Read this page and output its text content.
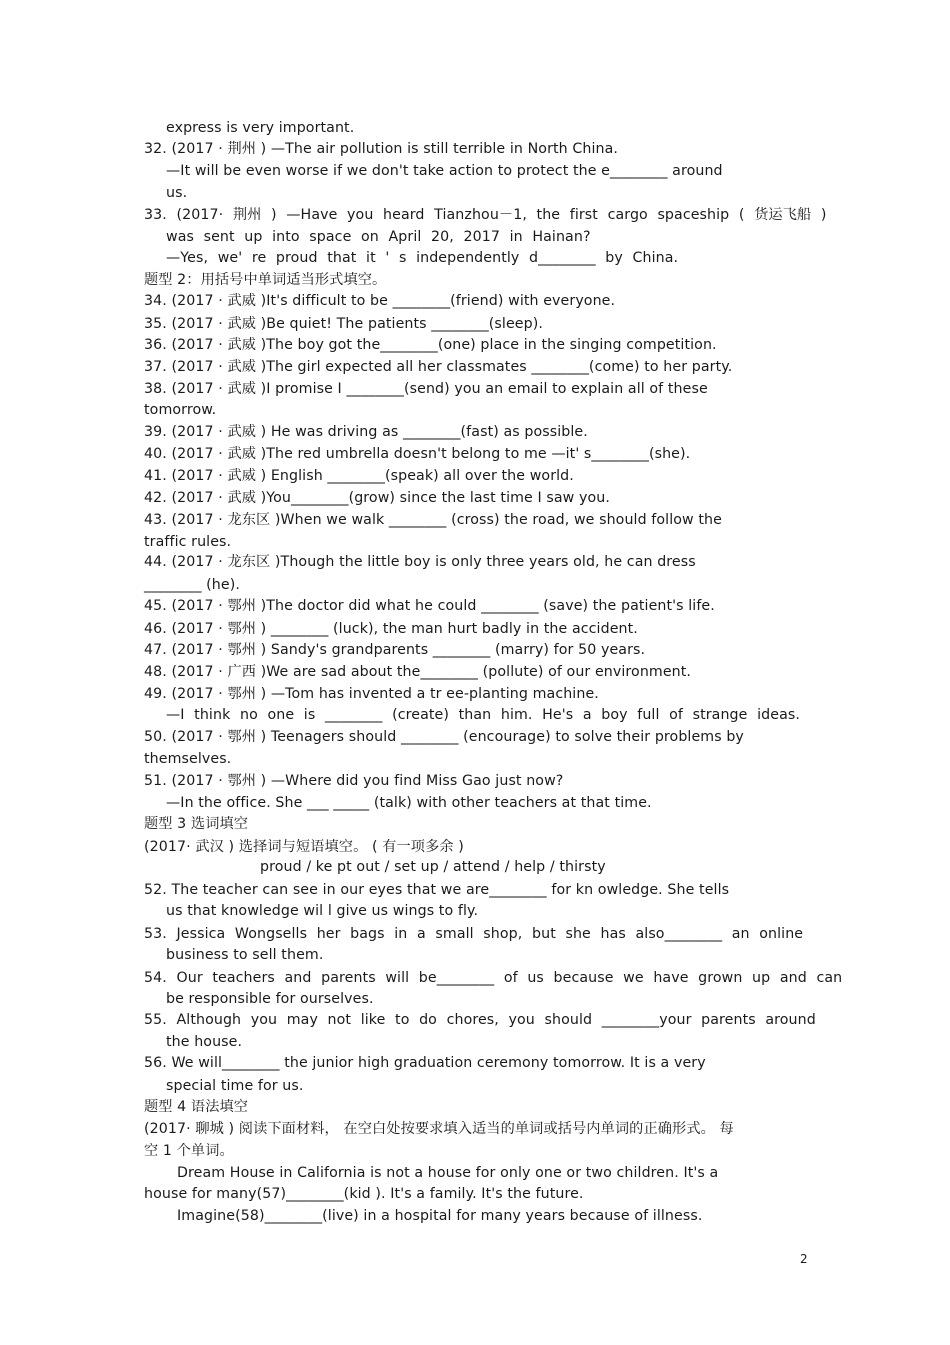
express is very important.
32. (2017 · 荆州 ) —The air pollution is still terrible in North China.
—It will be even worse if we don't take action to protect the e________ around
us.
33. (2017· 荆州 ) —Have you heard Tianzhou－1, the first cargo spaceship ( 货运飞船 )
was sent up into space on April 20, 2017 in Hainan?
—Yes, we' re proud that it ' s independently d________ by China.
题型 2：用括号中单词适当形式填空。
34. (2017 · 武威 )It's difficult to be ________(friend) with everyone.
35. (2017 · 武威 )Be quiet! The patients ________(sleep).
36. (2017 · 武威 )The boy got the________(one) place in the singing competition.
37. (2017 · 武威 )The girl expected all her classmates ________(come) to her party.
38. (2017 · 武威 )I promise I ________(send) you an email to explain all of these
tomorrow.
39. (2017 · 武威 ) He was driving as ________(fast) as possible.
40. (2017 · 武威 )The red umbrella doesn't belong to me —it' s________(she).
41. (2017 · 武威 ) English ________(speak) all over the world.
42. (2017 · 武威 )You________(grow) since the last time I saw you.
43. (2017 · 龙东区 )When we walk ________ (cross) the road, we should follow the
traffic rules.
44. (2017 · 龙东区 )Though the little boy is only three years old, he can dress
________ (he).
45. (2017 · 鄂州 )The doctor did what he could ________ (save) the patient's life.
46. (2017 · 鄂州 ) ________ (luck), the man hurt badly in the accident.
47. (2017 · 鄂州 ) Sandy's grandparents ________ (marry) for 50 years.
48. (2017 · 广西 )We are sad about the________ (pollute) of our environment.
49. (2017 · 鄂州 ) —Tom has invented a tr ee-planting machine.
—I think no one is ________ (create) than him. He's a boy full of strange ideas.
50. (2017 · 鄂州 ) Teenagers should ________ (encourage) to solve their problems by
themselves.
51. (2017 · 鄂州 ) —Where did you find Miss Gao just now?
—In the office. She ___ _____ (talk) with other teachers at that time.
题型 3 选词填空
(2017· 武汉 ) 选择词与短语填空。 ( 有一项多余 )
proud / ke pt out / set up / attend / help / thirsty
52. The teacher can see in our eyes that we are________ for kn owledge. She tells
us that knowledge wil l give us wings to fly.
53. Jessica Wongsells her bags in a small shop, but she has also________ an online
business to sell them.
54. Our teachers and parents will be________ of us because we have grown up and can
be responsible for ourselves.
55. Although you may not like to do chores, you should ________your parents around
the house.
56. We will________ the junior high graduation ceremony tomorrow. It is a very
special time for us.
题型 4 语法填空
(2017· 聊城 ) 阅读下面材料， 在空白处按要求填入适当的单词或括号内单词的正确形式。 每
空 1 个单词。
Dream House in California is not a house for only one or two children. It's a
house for many(57)________(kid ). It's a family. It's the future.
Imagine(58)________(live) in a hospital for many years because of illness.
2
